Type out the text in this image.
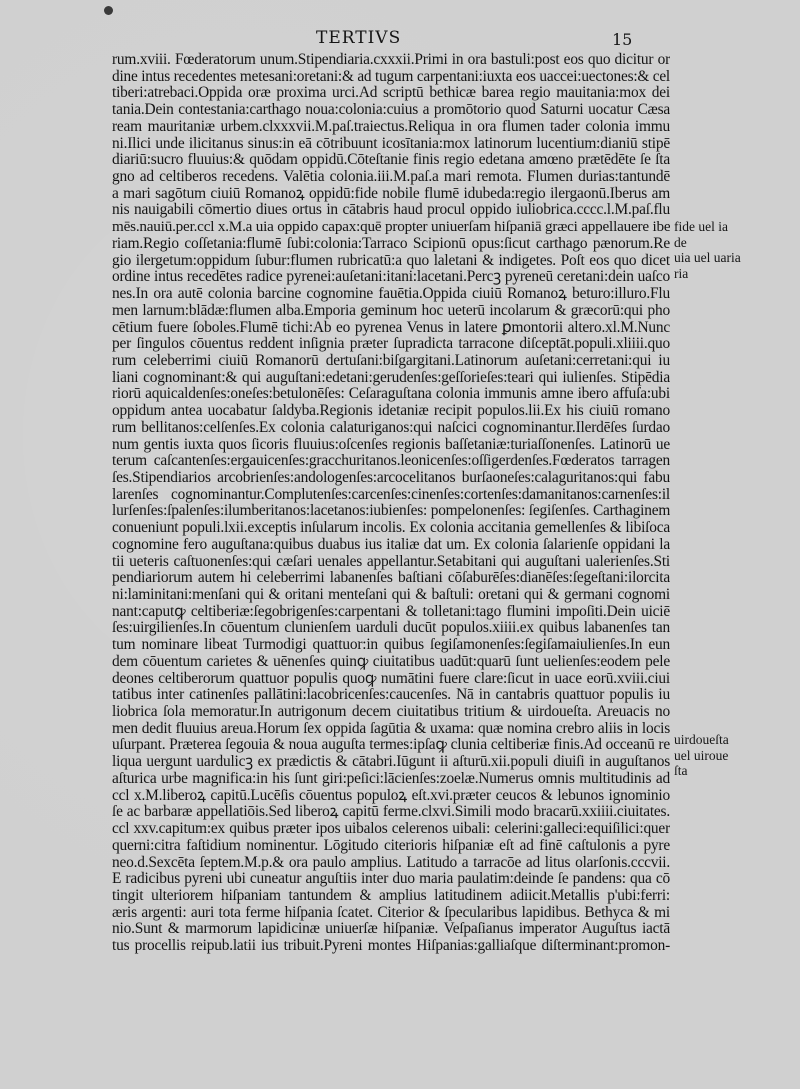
TERTIVS	15
rum.xviii. Fœderatorum unum.Stipendiaria.cxxxii.Primi in ora bastuli:post eos quo dicitur or
dine intus recedentes metesani:oretani:& ad tugum carpentani:iuxta eos uaccei:uectones:& cel
tiberi:atrebaci.Oppida oræ proxima urci.Ad scriptū bethicæ barea regio mauitania:mox dei
tania.Dein contestania:carthago noua:colonia:cuius a promōtorio quod Saturni uocatur Cæsa
ream mauritaniæ urbem.clxxxvii.M.paſ.traiectus.Reliqua in ora flumen tader colonia immu
ni.Ilici unde ilicitanus sinus:in eā cōtribuunt icosītania:mox latinorum lucentium:dianiū stipē
diariū:sucro fluuius:& quōdam oppidū.Cōteſtanie finis regio edetana amœno prætēdēte ſe ſta
gno ad celtiberos recedens. Valētia colonia.iii.M.paſ.a mari remota. Flumen durias:tantundē
a mari sagōtum ciuiū Romanoꝝ oppidū:fide nobile flumē idubeda:regio ilergaonū.Iberus am
nis nauigabili cōmertio diues ortus in cātabris haud procul oppido iuliobrica.cccc.l.M.paſ.flu
mēs.nauiū.per.ccl x.M.a uia oppido capax:quē propter uniuerſam hiſpaniā græci appellauere ibe
riam.Regio coſſetania:flumē ſubi:colonia:Tarraco Scipionū opus:ſicut carthago pænorum.Re
gio ilergetum:oppidum ſubur:flumen rubricatū:a quo laletani & indigetes. Poſt eos quo dicet
ordine intus recedētes radice pyrenei:auſetani:itani:lacetani.Percꝫ pyreneū ceretani:dein uaſco
nes.In ora autē colonia barcine cognomine fauētia.Oppida ciuiū Romanoꝝ beturo:illuro.Flu
men larnum:blādæ:flumen alba.Emporia geminum hoc ueterū incolarum & græcorū:qui pho
cētium fuere ſoboles.Flumē tichi:Ab eo pyrenea Venus in latere ꝑmontorii altero.xl.M.Nunc
per ſingulos cōuentus reddent inſignia præter ſupradicta tarracone diſceptāt.populi.xliiii.quo
rum celeberrimi ciuiū Romanorū dertuſani:biſgargitani.Latinorum auſetani:cerretani:qui iu
liani cognominant:& qui auguſtani:edetani:gerudenſes:geſſorieſes:teari qui iulienſes. Stipēdia
riorū aquicaldenſes:oneſes:betulonēſes: Ceſaraguſtana colonia immunis amne ibero affuſa:ubi
oppidum antea uocabatur ſaldyba.Regionis idetaniæ recipit populos.lii.Ex his ciuiū romano
rum bellitanos:celſenſes.Ex colonia calaturiganos:qui naſcici cognominantur.Ilerdēſes ſurdao
num gentis iuxta quos ſicoris fluuius:oſcenſes regionis baſſetaniæ:turiaſſonenſes. Latinorū ue
terum caſcantenſes:ergauicenſes:gracchuritanos.leonicenſes:oſſigerdenſes.Fœderatos tarragen
ſes.Stipendiarios arcobrienſes:andologenſes:arcocelitanos burſaoneſes:calaguritanos:qui fabu
larenſes cognominantur.Complutenſes:carcenſes:cinenſes:cortenſes:damanitanos:carnenſes:il
lurſenſes:ſpalenſes:ilumberitanos:lacetanos:iubienſes: pompelonenſes: ſegiſenſes. Carthaginem
conueniunt populi.lxii.exceptis inſularum incolis. Ex colonia accitania gemellenſes & libiſoca
cognomine fero auguſtana:quibus duabus ius italiæ dat um. Ex colonia ſalarienſe oppidani la
tii ueteris caſtuonenſes:qui cæſari uenales appellantur.Setabitani qui auguſtani ualerienſes.Sti
pendiariorum autem hi celeberrimi labanenſes baſtiani cōſaburēſes:dianēſes:ſegeſtani:ilorcita
ni:laminitani:menſani qui & oritani menteſani qui & baſtuli: oretani qui & germani cognomi
nant:caputꝙ celtiberiæ:ſegobrigenſes:carpentani & tolletani:tago flumini impoſiti.Dein uiciē
ſes:uirgilienſes.In cōuentum clunienſem uarduli ducūt populos.xiiii.ex quibus labanenſes tan
tum nominare libeat Turmodigi quattuor:in quibus ſegiſamonenſes:ſegiſamaiulienſes.In eun
dem cōuentum carietes & uēnenſes quinꝙ ciuitatibus uadūt:quarū ſunt uelienſes:eodem pele
deones celtiberorum quattuor populis quoꝙ numātini fuere clare:ſicut in uace eorū.xviii.ciui
tatibus inter catinenſes pallātini:lacobricenſes:caucenſes. Nā in cantabris quattuor populis iu
liobrica ſola memoratur.In autrigonum decem ciuitatibus tritium & uirdoueſta. Areuacis no
men dedit fluuius areua.Horum ſex oppida ſagūtia & uxama: quæ nomina crebro aliis in locis
uſurpant. Præterea ſegouia & noua auguſta termes:ipſaꝙ clunia celtiberiæ finis.Ad occeanū re
liqua uergunt uardulicꝫ ex prædictis & cātabri.Iūgunt ii aſturū.xii.populi diuiſi in auguſtanos
aſturica urbe magnifica:in his ſunt giri:peſici:lācienſes:zoelæ.Numerus omnis multitudinis ad
ccl x.M.liberoꝝ capitū.Lucēſis cōuentus populoꝝ eſt.xvi.præter ceucos & lebunos ignominio
ſe ac barbaræ appellatiōis.Sed liberoꝝ capitū ferme.clxvi.Simili modo bracarū.xxiiii.ciuitates.
ccl xxv.capitum:ex quibus præter ipos uibalos celerenos uibali: celerini:galleci:equiſilici:quer
querni:citra faſtidium nominentur. Lōgitudo citerioris hiſpaniæ eſt ad finē caſtulonis a pyre
neo.d.Sexcēta ſeptem.M.p.& ora paulo amplius. Latitudo a tarracōe ad litus olarſonis.cccvii.
E radicibus pyreni ubi cuneatur anguſtiis inter duo maria paulatim:deinde ſe pandens: qua cō
tingit ulteriorem hiſpaniam tantundem & amplius latitudinem adiicit.Metallis p'ubi:ferri:
æris argenti: auri tota ferme hiſpania ſcatet. Citerior & ſpecularibus lapidibus. Bethyca & mi
nio.Sunt & marmorum lapidicinæ uniuerſæ hiſpaniæ. Veſpaſianus imperator Auguſtus iactā
tus procellis reipub.latii ius tribuit.Pyreni montes Hiſpanias:galliaſque diſterminant:promon-
fide uel ia
de
uia uel uaria
ria
uirdoueſta
uel uiroue
ſta
